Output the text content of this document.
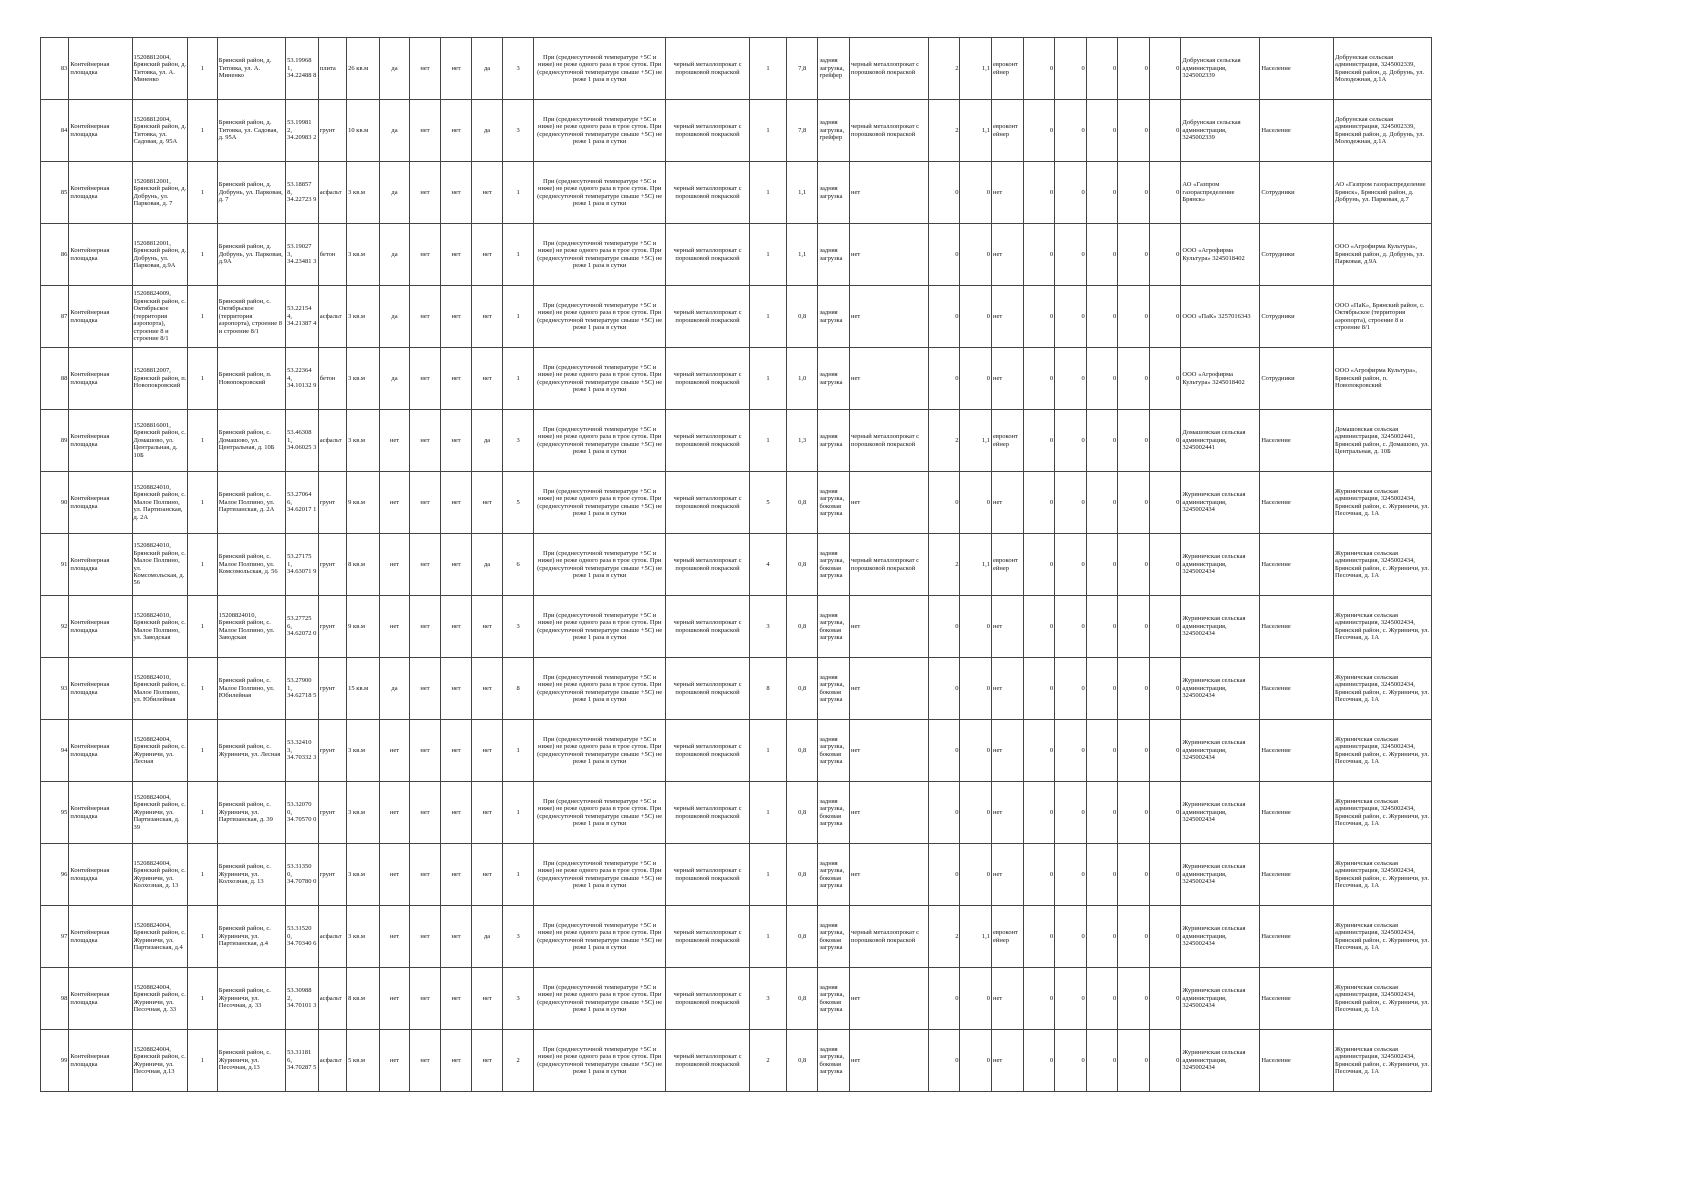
83	Контейнерная площадка	15208812004, Брянский район, д. Титовка, ул. А. Миненко	1	Брянский район, д. Титовка, ул. А. Миненко	53.19968 1, 34.22488 8	плита	26 кв.м	да	нет	нет	да	3	При (среднесуточной температуре +5С и ниже) не реже одного раза в трое суток. При (среднесуточной температуре свыше +5С) не реже 1 раза в сутки	черный металлопрокат с порошковой покраской	1	7,8	задняя загрузка, грейфер	черный металлопрокат с порошковой покраской	2	1,1	евроконт ейнер	0	0	0	0	0	Добрунская сельская администрация, 3245002339	Население	Добрунская сельская администрация, 3245002339, Брянский район, д. Добрунь, ул. Молодежная, д.1А
84	Контейнерная площадка	15208812004, Брянский район, д. Титовка, ул. Садовая, д. 95А	1	Брянский район, д. Титовка, ул. Садовая, д. 95А	53.19981 2, 34.20983 2	грунт	10 кв.м	да	нет	нет	да	3	При (среднесуточной температуре +5С и ниже) не реже одного раза в трое суток. При (среднесуточной температуре свыше +5С) не реже 1 раза в сутки	черный металлопрокат с порошковой покраской	1	7,8	задняя загрузка, грейфер	черный металлопрокат с порошковой покраской	2	1,1	евроконт ейнер	0	0	0	0	0	Добрунская сельская администрация, 3245002339	Население	Добрунская сельская администрация, 3245002339, Брянский район, д. Добрунь, ул. Молодежная, д.1А
85	Контейнерная площадка	15208812001, Брянский район, д. Добрунь, ул. Парковая, д. 7	1	Брянский район, д. Добрунь, ул. Парковая, д. 7	53.18857 8, 34.22723 9	асфальт	3 кв.м	да	нет	нет	нет	1	При (среднесуточной температуре +5С и ниже) не реже одного раза в трое суток. При (среднесуточной температуре свыше +5С) не реже 1 раза в сутки	черный металлопрокат с порошковой покраской	1	1,1	задняя загрузка	нет	0	0	нет	0	0	0	0	0	АО «Газпром газораспределение Брянск»	Сотрудники	АО «Газпром газораспределение Брянск», Брянский район, д. Добрунь, ул. Парковая, д.7
86	Контейнерная площадка	15208812001, Брянский район, д. Добрунь, ул. Парковая, д.9А	1	Брянский район, д. Добрунь, ул. Парковая, д.9А	53.19027 3, 34.23481 3	бетон	3 кв.м	да	нет	нет	нет	1	При (среднесуточной температуре +5С и ниже) не реже одного раза в трое суток. При (среднесуточной температуре свыше +5С) не реже 1 раза в сутки	черный металлопрокат с порошковой покраской	1	1,1	задняя загрузка	нет	0	0	нет	0	0	0	0	0	ООО «Агрофирма Культура» 3245018402	Сотрудники	ООО «Агрофирма Культура», Брянский район, д. Добрунь, ул. Парковая, д.9А
87	Контейнерная площадка	15208824009, Брянский район, с. Октябрьское (территория аэропорта), строение 8 и строение 8/1	1	Брянский район, с. Октябрьское (территория аэропорта), строение 8 и строение 8/1	53.22154 4, 34.21387 4	асфальт	3 кв.м	да	нет	нет	нет	1	При (среднесуточной температуре +5С и ниже) не реже одного раза в трое суток. При (среднесуточной температуре свыше +5С) не реже 1 раза в сутки	черный металлопрокат с порошковой покраской	1	0,8	задняя загрузка	нет	0	0	нет	0	0	0	0	0	ООО «ПаК» 3257016343	Сотрудники	ООО «ПаК», Брянский район, с. Октябрьское (территория аэропорта), строение 8 и строение 8/1
88	Контейнерная площадка	15208812007, Брянский район, п. Новопокровский	1	Брянский район, п. Новопокровский	53.22364 4, 34.10132 9	бетон	3 кв.м	да	нет	нет	нет	1	При (среднесуточной температуре +5С и ниже) не реже одного раза в трое суток. При (среднесуточной температуре свыше +5С) не реже 1 раза в сутки	черный металлопрокат с порошковой покраской	1	1,0	задняя загрузка	нет	0	0	нет	0	0	0	0	0	ООО «Агрофирма Культура» 3245018402	Сотрудники	ООО «Агрофирма Культура», Брянский район, п. Новопокровский
89	Контейнерная площадка	15208816001, Брянский район, с. Домашово, ул. Центральная, д. 10Б	1	Брянский район, с. Домашово, ул. Центральная, д. 10Б	53.46308 1, 34.06025 3	асфальт	3 кв.м	нет	нет	нет	да	3	При (среднесуточной температуре +5С и ниже) не реже одного раза в трое суток. При (среднесуточной температуре свыше +5С) не реже 1 раза в сутки	черный металлопрокат с порошковой покраской	1	1,3	задняя загрузка	черный металлопрокат с порошковой покраской	2	1,1	евроконт ейнер	0	0	0	0	0	Домашовская сельская администрация, 3245002441	Население	Домашовская сельская администрация, 3245002441, Брянский район, с. Домашово, ул. Центральная, д. 10Б
90	Контейнерная площадка	15208824010, Брянский район, с. Малое Полпино, ул. Партизанская, д. 2А	1	Брянский район, с. Малое Полпино, ул. Партизанская, д. 2А	53.27064 6, 34.62017 1	грунт	9 кв.м	нет	нет	нет	нет	5	При (среднесуточной температуре +5С и ниже) не реже одного раза в трое суток. При (среднесуточной температуре свыше +5С) не реже 1 раза в сутки	черный металлопрокат с порошковой покраской	5	0,8	задняя загрузка, боковая загрузка	нет	0	0	нет	0	0	0	0	0	Журиничская сельская администрация, 3245002434	Население	Журиничская сельская администрация, 3245002434, Брянский район, с. Журиничи, ул. Песочная, д. 1А
91	Контейнерная площадка	15208824010, Брянский район, с. Малое Полпино, ул. Комсомольская, д. 56	1	Брянский район, с. Малое Полпино, ул. Комсомольская, д. 56	53.27175 1, 34.63071 9	грунт	8 кв.м	нет	нет	нет	да	6	При (среднесуточной температуре +5С и ниже) не реже одного раза в трое суток. При (среднесуточной температуре свыше +5С) не реже 1 раза в сутки	черный металлопрокат с порошковой покраской	4	0,8	задняя загрузка, боковая загрузка	черный металлопрокат с порошковой покраской	2	1,1	евроконт ейнер	0	0	0	0	0	Журиничская сельская администрация, 3245002434	Население	Журиничская сельская администрация, 3245002434, Брянский район, с. Журиничи, ул. Песочная, д. 1А
92	Контейнерная площадка	15208824010, Брянский район, с. Малое Полпино, ул. Заводская	1	15208824010, Брянский район, с. Малое Полпино, ул. Заводская	53.27725 6, 34.62072 0	грунт	9 кв.м	нет	нет	нет	нет	3	При (среднесуточной температуре +5С и ниже) не реже одного раза в трое суток. При (среднесуточной температуре свыше +5С) не реже 1 раза в сутки	черный металлопрокат с порошковой покраской	3	0,8	задняя загрузка, боковая загрузка	нет	0	0	нет	0	0	0	0	0	Журиничская сельская администрация, 3245002434	Население	Журиничская сельская администрация, 3245002434, Брянский район, с. Журиничи, ул. Песочная, д. 1А
93	Контейнерная площадка	15208824010, Брянский район, с. Малое Полпино, ул. Юбилейная	1	Брянский район, с. Малое Полпино, ул. Юбилейная	53.27900 1, 34.62718 5	грунт	15 кв.м	да	нет	нет	нет	8	При (среднесуточной температуре +5С и ниже) не реже одного раза в трое суток. При (среднесуточной температуре свыше +5С) не реже 1 раза в сутки	черный металлопрокат с порошковой покраской	8	0,8	задняя загрузка, боковая загрузка	нет	0	0	нет	0	0	0	0	0	Журиничская сельская администрация, 3245002434	Население	Журиничская сельская администрация, 3245002434, Брянский район, с. Журиничи, ул. Песочная, д. 1А
94	Контейнерная площадка	15208824004, Брянский район, с. Журиничи, ул. Лесная	1	Брянский район, с. Журиничи, ул. Лесная	53.32410 3, 34.70332 3	грунт	3 кв.м	нет	нет	нет	нет	1	При (среднесуточной температуре +5С и ниже) не реже одного раза в трое суток. При (среднесуточной температуре свыше +5С) не реже 1 раза в сутки	черный металлопрокат с порошковой покраской	1	0,8	задняя загрузка, боковая загрузка	нет	0	0	нет	0	0	0	0	0	Журиничская сельская администрация, 3245002434	Население	Журиничская сельская администрация, 3245002434, Брянский район, с. Журиничи, ул. Песочная, д. 1А
95	Контейнерная площадка	15208824004, Брянский район, с. Журиничи, ул. Партизанская, д. 39	1	Брянский район, с. Журиничи, ул. Партизанская, д. 39	53.32070 0, 34.70570 0	грунт	3 кв.м	нет	нет	нет	нет	1	При (среднесуточной температуре +5С и ниже) не реже одного раза в трое суток. При (среднесуточной температуре свыше +5С) не реже 1 раза в сутки	черный металлопрокат с порошковой покраской	1	0,8	задняя загрузка, боковая загрузка	нет	0	0	нет	0	0	0	0	0	Журиничская сельская администрация, 3245002434	Население	Журиничская сельская администрация, 3245002434, Брянский район, с. Журиничи, ул. Песочная, д. 1А
96	Контейнерная площадка	15208824004, Брянский район, с. Журиничи, ул. Колхозная, д. 13	1	Брянский район, с. Журиничи, ул. Колхозная, д. 13	53.31350 0, 34.70780 0	грунт	3 кв.м	нет	нет	нет	нет	1	При (среднесуточной температуре +5С и ниже) не реже одного раза в трое суток. При (среднесуточной температуре свыше +5С) не реже 1 раза в сутки	черный металлопрокат с порошковой покраской	1	0,8	задняя загрузка, боковая загрузка	нет	0	0	нет	0	0	0	0	0	Журиничская сельская администрация, 3245002434	Население	Журиничская сельская администрация, 3245002434, Брянский район, с. Журиничи, ул. Песочная, д. 1А
97	Контейнерная площадка	15208824004, Брянский район, с. Журиничи, ул. Партизанская, д.4	1	Брянский район, с. Журиничи, ул. Партизанская, д.4	53.31520 0, 34.70340 6	асфальт	3 кв.м	нет	нет	нет	да	3	При (среднесуточной температуре +5С и ниже) не реже одного раза в трое суток. При (среднесуточной температуре свыше +5С) не реже 1 раза в сутки	черный металлопрокат с порошковой покраской	1	0,8	задняя загрузка, боковая загрузка	черный металлопрокат с порошковой покраской	2	1,1	евроконт ейнер	0	0	0	0	0	Журиничская сельская администрация, 3245002434	Население	Журиничская сельская администрация, 3245002434, Брянский район, с. Журиничи, ул. Песочная, д. 1А
98	Контейнерная площадка	15208824004, Брянский район, с. Журиничи, ул. Песочная, д. 33	1	Брянский район, с. Журиничи, ул. Песочная, д. 33	53.30988 2, 34.70101 3	асфальт	8 кв.м	нет	нет	нет	нет	3	При (среднесуточной температуре +5С и ниже) не реже одного раза в трое суток. При (среднесуточной температуре свыше +5С) не реже 1 раза в сутки	черный металлопрокат с порошковой покраской	3	0,8	задняя загрузка, боковая загрузка	нет	0	0	нет	0	0	0	0	0	Журиничская сельская администрация, 3245002434	Население	Журиничская сельская администрация, 3245002434, Брянский район, с. Журиничи, ул. Песочная, д. 1А
99	Контейнерная площадка	15208824004, Брянский район, с. Журиничи, ул. Песочная, д.13	1	Брянский район, с. Журиничи, ул. Песочная, д.13	53.31181 6, 34.70287 5	асфальт	5 кв.м	нет	нет	нет	нет	2	При (среднесуточной температуре +5С и ниже) не реже одного раза в трое суток. При (среднесуточной температуре свыше +5С) не реже 1 раза в сутки	черный металлопрокат с порошковой покраской	2	0,8	задняя загрузка, боковая загрузка	нет	0	0	нет	0	0	0	0	0	Журиничская сельская администрация, 3245002434	Население	Журиничская сельская администрация, 3245002434, Брянский район, с. Журиничи, ул. Песочная, д. 1А
